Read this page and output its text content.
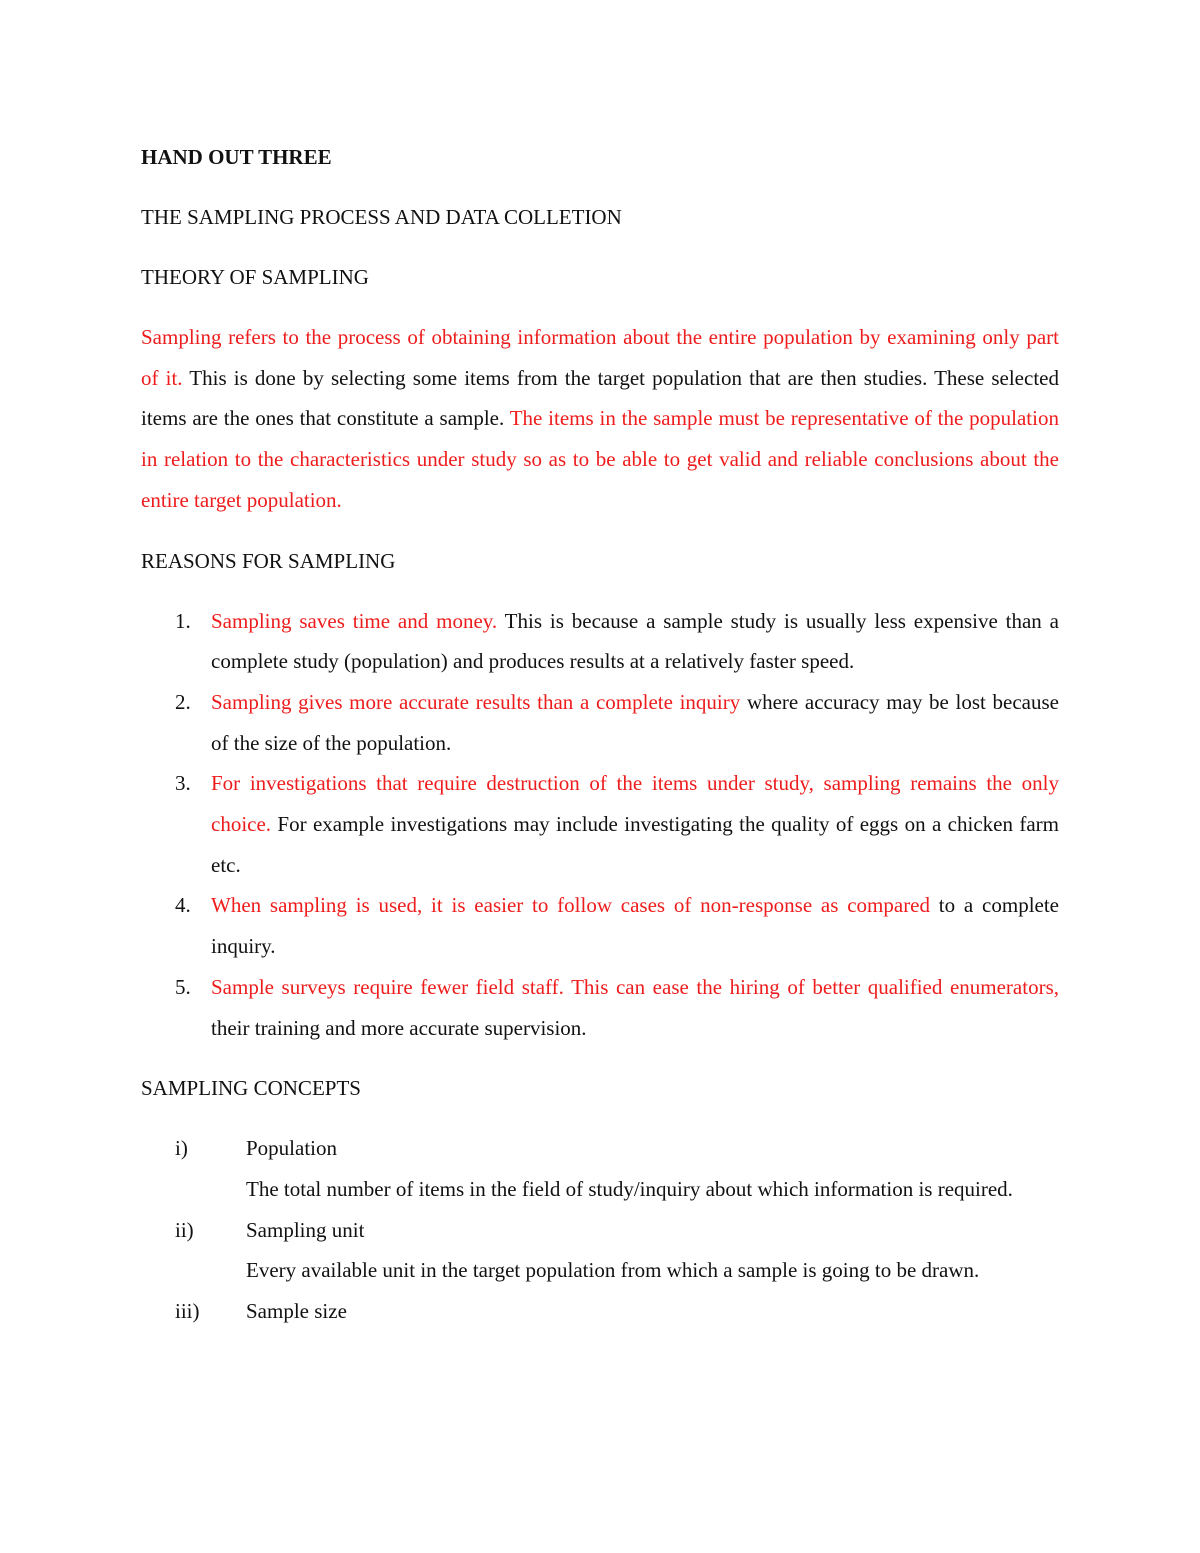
HAND OUT THREE

THE SAMPLING PROCESS AND DATA COLLETION

THEORY OF SAMPLING

Sampling refers to the process of obtaining information about the entire population by examining only part of it. This is done by selecting some items from the target population that are then studies. These selected items are the ones that constitute a sample. The items in the sample must be representative of the population in relation to the characteristics under study so as to be able to get valid and reliable conclusions about the entire target population.

REASONS FOR SAMPLING

1. Sampling saves time and money. This is because a sample study is usually less expensive than a complete study (population) and produces results at a relatively faster speed.
2. Sampling gives more accurate results than a complete inquiry where accuracy may be lost because of the size of the population.
3. For investigations that require destruction of the items under study, sampling remains the only choice. For example investigations may include investigating the quality of eggs on a chicken farm etc.
4. When sampling is used, it is easier to follow cases of non-response as compared to a complete inquiry.
5. Sample surveys require fewer field staff. This can ease the hiring of better qualified enumerators, their training and more accurate supervision.

SAMPLING CONCEPTS

i)	Population
The total number of items in the field of study/inquiry about which information is required.
ii)	Sampling unit
Every available unit in the target population from which a sample is going to be drawn.
iii)	Sample size
